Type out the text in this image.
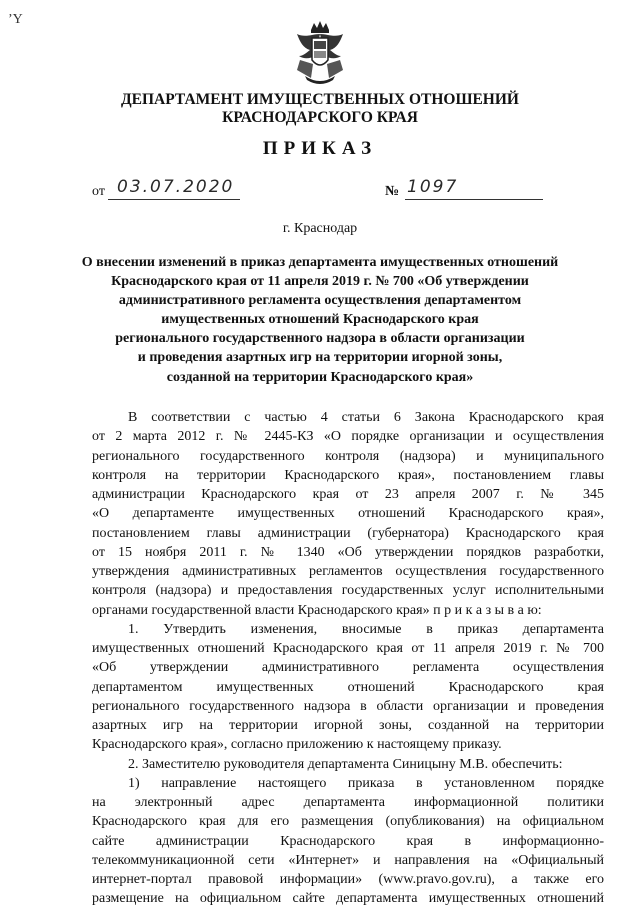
ʼҮ
ДЕПАРТАМЕНТ ИМУЩЕСТВЕННЫХ ОТНОШЕНИЙ
КРАСНОДАРСКОГО КРАЯ
ПРИКАЗ
от 03.07.2020	№ 1097
г. Краснодар
О внесении изменений в приказ департамента имущественных отношений
Краснодарского края от 11 апреля 2019 г. № 700 «Об утверждении
административного регламента осуществления департаментом
имущественных отношений Краснодарского края
регионального государственного надзора в области организации
и проведения азартных игр на территории игорной зоны,
созданной на территории Краснодарского края»
В соответствии с частью 4 статьи 6 Закона Краснодарского края
от 2 марта 2012 г. № 2445-КЗ «О порядке организации и осуществления
регионального государственного контроля (надзора) и муниципального
контроля на территории Краснодарского края», постановлением главы
администрации Краснодарского края от 23 апреля 2007 г. № 345
«О департаменте имущественных отношений Краснодарского края»,
постановлением главы администрации (губернатора) Краснодарского края
от 15 ноября 2011 г. № 1340 «Об утверждении порядков разработки,
утверждения административных регламентов осуществления государственного
контроля (надзора) и предоставления государственных услуг исполнительными
органами государственной власти Краснодарского края» п р и к а з ы в а ю:
1. Утвердить изменения, вносимые в приказ департамента
имущественных отношений Краснодарского края от 11 апреля 2019 г. № 700
«Об утверждении административного регламента осуществления
департаментом имущественных отношений Краснодарского края
регионального государственного надзора в области организации и проведения
азартных игр на территории игорной зоны, созданной на территории
Краснодарского края», согласно приложению к настоящему приказу.
2. Заместителю руководителя департамента Синицыну М.В. обеспечить:
1) направление настоящего приказа в установленном порядке
на электронный адрес департамента информационной политики
Краснодарского края для его размещения (опубликования) на официальном
сайте администрации Краснодарского края в информационно-
телекоммуникационной сети «Интернет» и направления на «Официальный
интернет-портал правовой информации» (www.pravo.gov.ru), а также его
размещение на официальном сайте департамента имущественных отношений
